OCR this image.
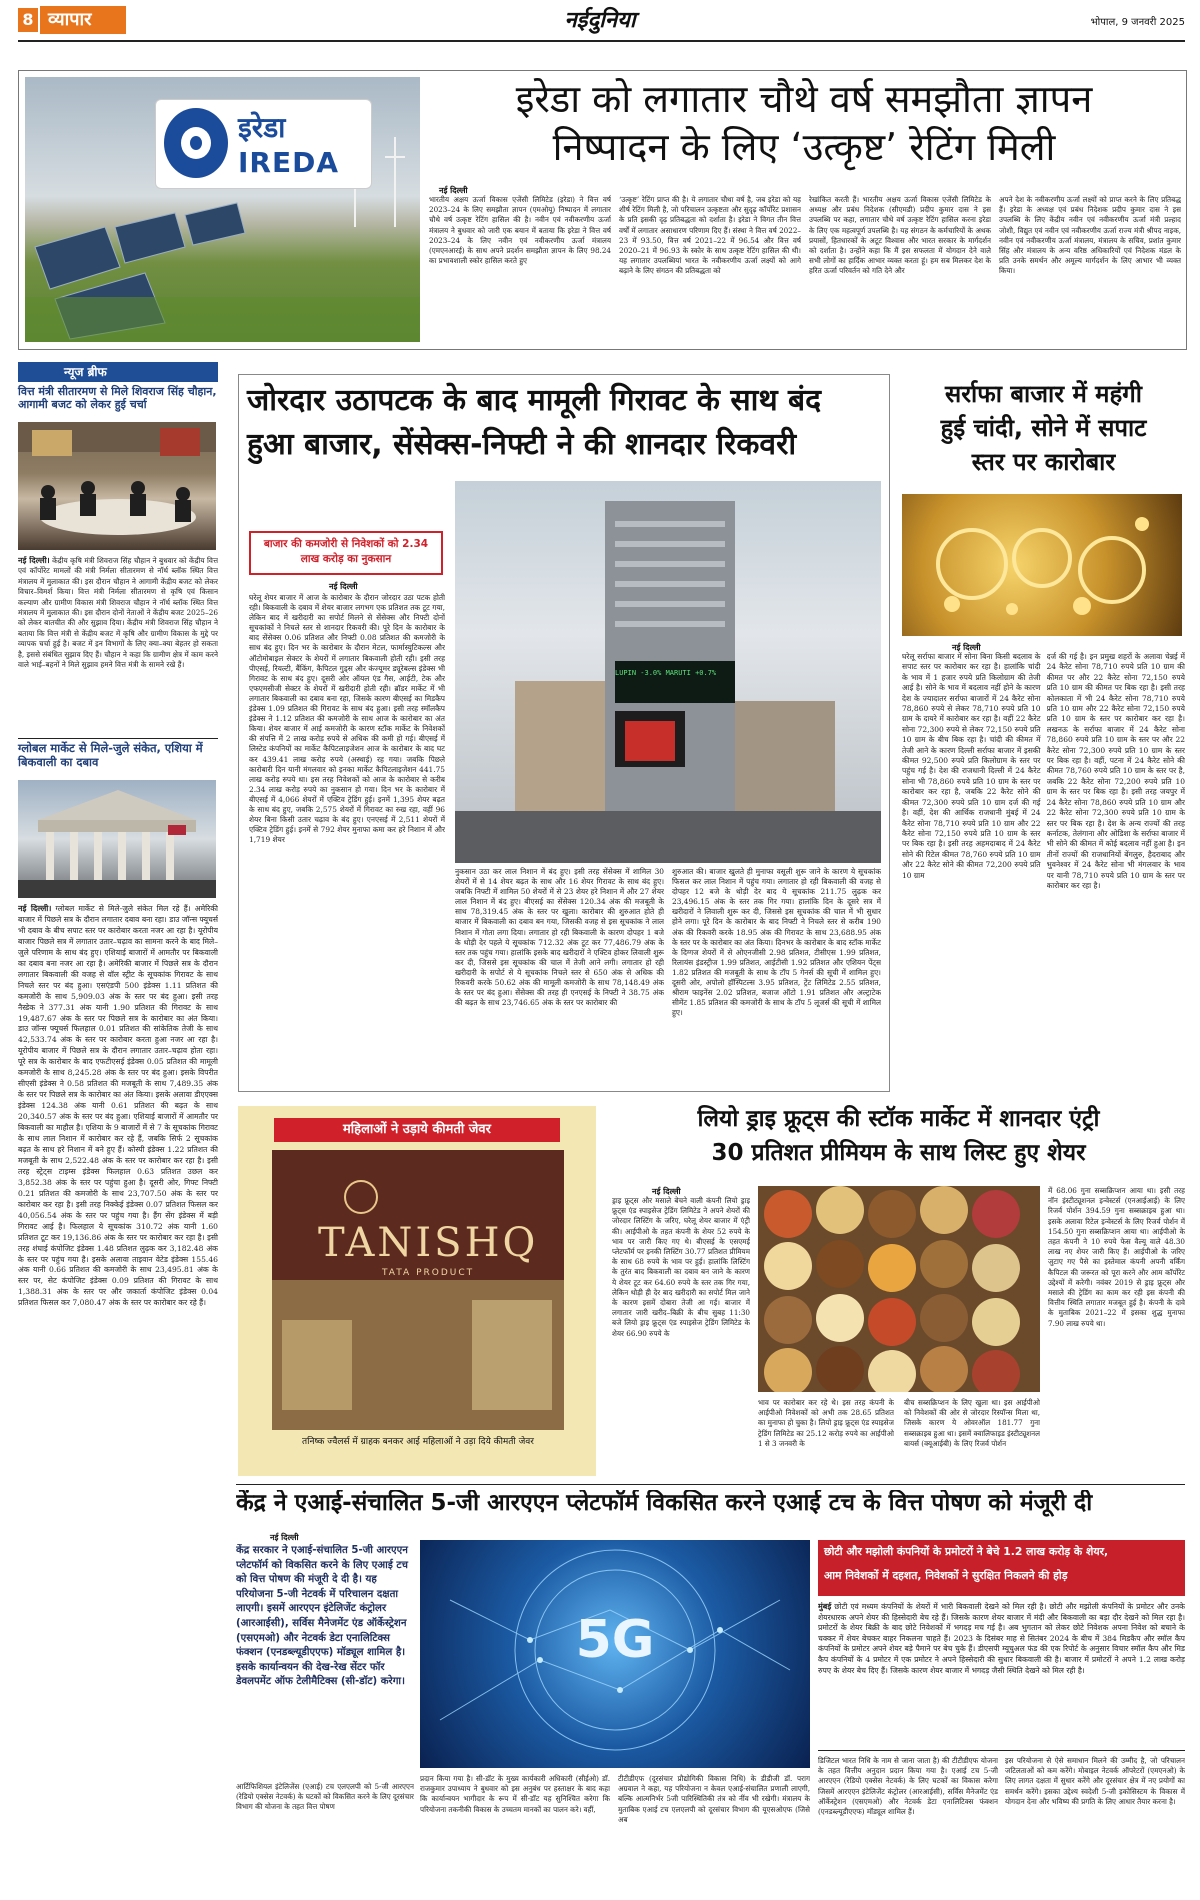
8 व्यापार	नईदुनिया	भोपाल, 9 जनवरी 2025
इरेडा
IREDA
इरेडा को लगातार चौथे वर्ष समझौता ज्ञापन
निष्पादन के लिए ‘उत्कृष्ट’ रेटिंग मिली
नई दिल्ली
भारतीय अक्षय ऊर्जा विकास एजेंसी लिमिटेड (इरेडा) ने वित्त वर्ष 2023–24 के लिए समझौता ज्ञापन (एमओयू) निष्पादन में लगातार चौथे वर्ष उत्कृष्ट रेटिंग हासिल की है। नवीन एवं नवीकरणीय ऊर्जा मंत्रालय ने बुधवार को जारी एक बयान में बताया कि इरेडा ने वित्त वर्ष 2023–24 के लिए नवीन एवं नवीकरणीय ऊर्जा मंत्रालय (एमएनआरई) के साथ अपने प्रदर्शन समझौता ज्ञापन के लिए 98.24 का प्रभावशाली स्कोर हासिल करते हुए
‘उत्कृष्ट’ रेटिंग प्राप्त की है। ये लगातार चौथा वर्ष है, जब इरेडा को यह शीर्ष रेटिंग मिली है, जो परिचालन उत्कृष्टता और सुदृढ़ कॉर्पोरेट प्रशासन के प्रति इसकी दृढ़ प्रतिबद्धता को दर्शाता है। इरेडा ने विगत तीन वित्त वर्षों में लगातार असाधारण परिणाम दिए हैं। संस्था ने वित्त वर्ष 2022–23 में 93.50, वित्त वर्ष 2021–22 में 96.54 और वित्त वर्ष 2020–21 में 96.93 के स्कोर के साथ उत्कृष्ट रेटिंग हासिल की थी। यह लगातार उपलब्धियां भारत के नवीकरणीय ऊर्जा लक्ष्यों को आगे बढ़ाने के लिए संगठन की प्रतिबद्धता को
रेखांकित करती हैं। भारतीय अक्षय ऊर्जा विकास एजेंसी लिमिटेड के अध्यक्ष और प्रबंध निदेशक (सीएमडी) प्रदीप कुमार दास ने इस उपलब्धि पर कहा, लगातार चौथे वर्ष उत्कृष्ट रेटिंग हासिल करना इरेडा के लिए एक महत्वपूर्ण उपलब्धि है। यह संगठन के कर्मचारियों के अथक प्रयासों, हितधारकों के अटूट विश्वास और भारत सरकार के मार्गदर्शन को दर्शाता है। उन्होंने कहा कि मैं इस सफलता में योगदान देने वाले सभी लोगों का हार्दिक आभार व्यक्त करता हूं। हम सब मिलकर देश के हरित ऊर्जा परिवर्तन को गति देने और
अपने देश के नवीकरणीय ऊर्जा लक्ष्यों को प्राप्त करने के लिए प्रतिबद्ध हैं। इरेडा के अध्यक्ष एवं प्रबंध निदेशक प्रदीप कुमार दास ने इस उपलब्धि के लिए केंद्रीय नवीन एवं नवीकरणीय ऊर्जा मंत्री प्रल्हाद जोशी, विद्युत एवं नवीन एवं नवीकरणीय ऊर्जा राज्य मंत्री श्रीपद नाइक, नवीन एवं नवीकरणीय ऊर्जा मंत्रालय, मंत्रालय के सचिव, प्रशांत कुमार सिंह और मंत्रालय के अन्य वरिष्ठ अधिकारियों एवं निदेशक मंडल के प्रति उनके समर्थन और अमूल्य मार्गदर्शन के लिए आभार भी व्यक्त किया।
न्यूज ब्रीफ
वित्त मंत्री सीतारमण से मिले शिवराज सिंह चौहान, आगामी बजट को लेकर हुई चर्चा
नई दिल्ली। केंद्रीय कृषि मंत्री शिवराज सिंह चौहान ने बुधवार को केंद्रीय वित्त एवं कॉर्पोरेट मामलों की मंत्री निर्मला सीतारमण से नॉर्थ ब्लॉक स्थित वित्त मंत्रालय में मुलाकात की। इस दौरान चौहान ने आगामी केंद्रीय बजट को लेकर विचार–विमर्श किया। वित्त मंत्री निर्मला सीतारमण से कृषि एवं किसान कल्याण और ग्रामीण विकास मंत्री शिवराज चौहान ने नॉर्थ ब्लॉक स्थित वित्त मंत्रालय में मुलाकात की। इस दौरान दोनों नेताओं ने केंद्रीय बजट 2025–26 को लेकर बातचीत की और सुझाव दिया। केंद्रीय मंत्री शिवराज सिंह चौहान ने बताया कि वित्त मंत्री से केंद्रीय बजट में कृषि और ग्रामीण विकास के मुद्दे पर व्यापक चर्चा हुई है। बजट में इन विभागों के लिए क्या–क्या बेहतर हो सकता है, इससे संबंधित सुझाव दिए हैं। चौहान ने कहा कि ग्रामीण क्षेत्र में काम करने वाले भाई–बहनों ने मिले सुझाव हमने वित्त मंत्री के सामने रखे हैं।
ग्लोबल मार्केट से मिले-जुले संकेत, एशिया में बिकवाली का दबाव
नई दिल्ली। ग्लोबल मार्केट से मिले-जुले संकेत मिल रहे हैं। अमेरिकी बाजार में पिछले सत्र के दौरान लगातार दबाव बना रहा। डाउ जॉन्स फ्यूचर्स भी दबाव के बीच सपाट स्तर पर कारोबार करता नजर आ रहा है। यूरोपीय बाजार पिछले सत्र में लगातार उतार–चढ़ाव का सामना करने के बाद मिले–जुले परिणाम के साथ बंद हुए। एशियाई बाजारों में आमतौर पर बिकवाली का दबाव बना नजर आ रहा है। अमेरिकी बाजार में पिछले सत्र के दौरान लगातार बिकवाली की वजह से वॉल स्ट्रीट के सूचकांक गिरावट के साथ निचले स्तर पर बंद हुआ। एसएंडपी 500 इंडेक्स 1.11 प्रतिशत की कमजोरी के साथ 5,909.03 अंक के स्तर पर बंद हुआ। इसी तरह नैस्डेक ने 377.31 अंक यानी 1.90 प्रतिशत की गिरावट के साथ 19,487.67 अंक के स्तर पर पिछले सत्र के कारोबार का अंत किया। डाउ जॉन्स फ्यूचर्स फिलहाल 0.01 प्रतिशत की सांकेतिक तेजी के साथ 42,533.74 अंक के स्तर पर कारोबार करता हुआ नजर आ रहा है। यूरोपीय बाजार में पिछले सत्र के दौरान लगातार उतार–चढ़ाव होता रहा। पूरे सत्र के कारोबार के बाद एफटीएसई इंडेक्स 0.05 प्रतिशत की मामूली कमजोरी के साथ 8,245.28 अंक के स्तर पर बंद हुआ। इसके विपरीत सीएसी इंडेक्स ने 0.58 प्रतिशत की मजबूती के साथ 7,489.35 अंक के स्तर पर पिछले सत्र के कारोबार का अंत किया। इसके अलावा डीएएक्स इंडेक्स 124.38 अंक यानी 0.61 प्रतिशत की बढ़त के साथ 20,340.57 अंक के स्तर पर बंद हुआ। एशियाई बाजारों में आमतौर पर बिकवाली का माहौल है। एशिया के 9 बाजारों में से 7 के सूचकांक गिरावट के साथ लाल निशान में कारोबार कर रहे हैं, जबकि सिर्फ 2 सूचकांक बढ़त के साथ हरे निशान में बने हुए हैं। कोस्पी इंडेक्स 1.22 प्रतिशत की मजबूती के साथ 2,522.48 अंक के स्तर पर कारोबार कर रहा है। इसी तरह स्ट्रेट्स टाइम्स इंडेक्स फिलहाल 0.63 प्रतिशत उछल कर 3,852.38 अंक के स्तर पर पहुंचा हुआ है। दूसरी ओर, गिफ्ट निफ्टी 0.21 प्रतिशत की कमजोरी के साथ 23,707.50 अंक के स्तर पर कारोबार कर रहा है। इसी तरह निक्केई इंडेक्स 0.07 प्रतिशत फिसल कर 40,056.54 अंक के स्तर पर पहुंच गया है। हैंग सेंग इंडेक्स में बड़ी गिरावट आई है। फिलहाल ये सूचकांक 310.72 अंक यानी 1.60 प्रतिशत टूट कर 19,136.86 अंक के स्तर पर कारोबार कर रहा है। इसी तरह शंघाई कंपोजिट इंडेक्स 1.48 प्रतिशत लुढ़क कर 3,182.48 अंक के स्तर पर पहुंच गया है। इसके अलावा ताइवान वेटेड इंडेक्स 155.46 अंक यानी 0.66 प्रतिशत की कमजोरी के साथ 23,495.81 अंक के स्तर पर, सेट कंपोजिट इंडेक्स 0.09 प्रतिशत की गिरावट के साथ 1,388.31 अंक के स्तर पर और जकार्ता कंपोजिट इंडेक्स 0.04 प्रतिशत फिसल कर 7,080.47 अंक के स्तर पर कारोबार कर रहे हैं।
जोरदार उठापटक के बाद मामूली गिरावट के साथ बंद
हुआ बाजार, सेंसेक्स-निफ्टी ने की शानदार रिकवरी
बाजार की कमजोरी से निवेशकों को 2.34 लाख करोड़ का नुकसान
नई दिल्ली
घरेलू शेयर बाजार में आज के कारोबार के दौरान जोरदार उठा पटक होती रही। बिकवाली के दबाव में शेयर बाजार लगभग एक प्रतिशत तक टूट गया, लेकिन बाद में खरीदारी का सपोर्ट मिलने से सेंसेक्स और निफ्टी दोनों सूचकांकों ने निचले स्तर से शानदार रिकवरी की। पूरे दिन के कारोबार के बाद सेंसेक्स 0.06 प्रतिशत और निफ्टी 0.08 प्रतिशत की कमजोरी के साथ बंद हुए। दिन भर के कारोबार के दौरान मेटल, फार्मास्युटिकल्स और ऑटोमोबाइल सेक्टर के शेयरों में लगातार बिकवाली होती रही। इसी तरह पीएसई, रियल्टी, बैंकिंग, कैपिटल गुड्स और कंज्यूमर ड्यूरेबल्स इंडेक्स भी गिरावट के साथ बंद हुए। दूसरी ओर ऑयल एंड गैस, आईटी, टेक और एफएमसीजी सेक्टर के शेयरों में खरीदारी होती रही। ब्रॉडर मार्केट में भी लगातार बिकवाली का दबाव बना रहा, जिसके कारण बीएसई का मिडकैप इंडेक्स 1.09 प्रतिशत की गिरावट के साथ बंद हुआ। इसी तरह स्मॉलकैप इंडेक्स ने 1.12 प्रतिशत की कमजोरी के साथ आज के कारोबार का अंत किया। शेयर बाजार में आई कमजोरी के कारण स्टॉक मार्केट के निवेशकों की संपत्ति में 2 लाख करोड़ रुपये से अधिक की कमी हो गई। बीएसई में लिस्टेड कंपनियों का मार्केट कैपिटलाइजेशन आज के कारोबार के बाद घट कर 439.41 लाख करोड़ रुपये (अस्थाई) रह गया। जबकि पिछले कारोबारी दिन यानी मंगलवार को इनका मार्केट कैपिटलाइजेशन 441.75 लाख करोड़ रुपये था। इस तरह निवेशकों को आज के कारोबार से करीब 2.34 लाख करोड़ रुपये का नुकसान हो गया। दिन भर के कारोबार में बीएसई में 4,066 शेयरों में एक्टिव ट्रेडिंग हुई। इनमें 1,395 शेयर बढ़त के साथ बंद हुए, जबकि 2,575 शेयरों में गिरावट का रुख रहा, वहीं 96 शेयर बिना किसी उतार चढ़ाव के बंद हुए। एनएसई में 2,511 शेयरों में एक्टिव ट्रेडिंग हुई। इनमें से 792 शेयर मुनाफा कमा कर हरे निशान में और 1,719 शेयर
LUPIN -3.0% MARUTI +0.7%
नुकसान उठा कर लाल निशान में बंद हुए। इसी तरह सेंसेक्स में शामिल 30 शेयरों में से 14 शेयर बढ़त के साथ और 16 शेयर गिरावट के साथ बंद हुए। जबकि निफ्टी में शामिल 50 शेयरों में से 23 शेयर हरे निशान में और 27 शेयर लाल निशान में बंद हुए। बीएसई का सेंसेक्स 120.34 अंक की मजबूती के साथ 78,319.45 अंक के स्तर पर खुला। कारोबार की शुरुआत होते ही बाजार में बिकवाली का दबाव बन गया, जिसकी वजह से इस सूचकांक ने लाल निशान में गोता लगा दिया। लगातार हो रही बिकवाली के कारण दोपहर 1 बजे के थोड़ी देर पहले ये सूचकांक 712.32 अंक टूट कर 77,486.79 अंक के स्तर तक पहुंच गया। हालांकि इसके बाद खरीदारों ने एक्टिव होकर लिवाली शुरू कर दी, जिससे इस सूचकांक की चाल में तेजी आने लगी। लगातार हो रही खरीदारी के सपोर्ट से ये सूचकांक निचले स्तर से 650 अंक से अधिक की रिकवरी करके 50.62 अंक की मामूली कमजोरी के साथ 78,148.49 अंक के स्तर पर बंद हुआ। सेंसेक्स की तरह ही एनएसई के निफ्टी ने 38.75 अंक की बढ़त के साथ 23,746.65 अंक के स्तर पर कारोबार की
शुरुआत की। बाजार खुलते ही मुनाफा वसूली शुरू जाने के कारण ये सूचकांक फिसल कर लाल निशान में पहुंच गया। लगातार हो रही बिकवाली की वजह से दोपहर 12 बजे के थोड़ी देर बाद ये सूचकांक 211.75 लुढ़क कर 23,496.15 अंक के स्तर तक गिर गया। हालांकि दिन के दूसरे सत्र में खरीदारों ने लिवाली शुरू कर दी, जिससे इस सूचकांक की चाल में भी सुधार होने लगा। पूरे दिन के कारोबार के बाद निफ्टी ने निचले स्तर से करीब 190 अंक की रिकवरी करके 18.95 अंक की गिरावट के साथ 23,688.95 अंक के स्तर पर के कारोबार का अंत किया। दिनभर के कारोबार के बाद स्टॉक मार्केट के दिग्गज शेयरों में से ओएनजीसी 2.98 प्रतिशत, टीसीएस 1.99 प्रतिशत, रिलायंस इंडस्ट्रीज 1.99 प्रतिशत, आईटीसी 1.92 प्रतिशत और एशियन पेंट्स 1.82 प्रतिशत की मजबूती के साथ के टॉप 5 गेनर्स की सूची में शामिल हुए। दूसरी ओर, अपोलो हॉस्पिटल्स 3.95 प्रतिशत, ट्रेंट लिमिटेड 2.55 प्रतिशत, श्रीराम फाइनेंस 2.02 प्रतिशत, बजाज ऑटो 1.91 प्रतिशत और अल्ट्राटेक सीमेंट 1.85 प्रतिशत की कमजोरी के साथ के टॉप 5 लूजर्स की सूची में शामिल हुए।
सर्राफा बाजार में महंगी
हुई चांदी, सोने में सपाट
स्तर पर कारोबार
नई दिल्ली
घरेलू सर्राफा बाजार में सोना बिना किसी बदलाव के सपाट स्तर पर कारोबार कर रहा है। हालांकि चांदी के भाव में 1 हजार रुपये प्रति किलोग्राम की तेजी आई है। सोने के भाव में बदलाव नहीं होने के कारण देश के ज्यादातर सर्राफा बाजारों में 24 कैरेट सोना 78,860 रुपये से लेकर 78,710 रुपये प्रति 10 ग्राम के दायरे में कारोबार कर रहा है। वहीं 22 कैरेट सोना 72,300 रुपये से लेकर 72,150 रुपये प्रति 10 ग्राम के बीच बिक रहा है। चांदी की कीमत में तेजी आने के कारण दिल्ली सर्राफा बाजार में इसकी कीमत 92,500 रुपये प्रति किलोग्राम के स्तर पर पहुंच गई है। देश की राजधानी दिल्ली में 24 कैरेट सोना भी 78,860 रुपये प्रति 10 ग्राम के स्तर पर कारोबार कर रहा है, जबकि 22 कैरेट सोने की कीमत 72,300 रुपये प्रति 10 ग्राम दर्ज की गई है। वहीं, देश की आर्थिक राजधानी मुंबई में 24 कैरेट सोना 78,710 रुपये प्रति 10 ग्राम और 22 कैरेट सोना 72,150 रुपये प्रति 10 ग्राम के स्तर पर बिक रहा है। इसी तरह अहमदाबाद में 24 कैरेट सोने की रिटेल कीमत 78,760 रुपये प्रति 10 ग्राम और 22 कैरेट सोने की कीमत 72,200 रुपये प्रति 10 ग्राम
दर्ज की गई है। इन प्रमुख शहरों के अलावा चेन्नई में 24 कैरेट सोना 78,710 रुपये प्रति 10 ग्राम की कीमत पर और 22 कैरेट सोना 72,150 रुपये प्रति 10 ग्राम की कीमत पर बिक रहा है। इसी तरह कोलकाता में भी 24 कैरेट सोना 78,710 रुपये प्रति 10 ग्राम और 22 कैरेट सोना 72,150 रुपये प्रति 10 ग्राम के स्तर पर कारोबार कर रहा है। लखनऊ के सर्राफा बाजार में 24 कैरेट सोना 78,860 रुपये प्रति 10 ग्राम के स्तर पर और 22 कैरेट सोना 72,300 रुपये प्रति 10 ग्राम के स्तर पर बिक रहा है। वहीं, पटना में 24 कैरेट सोने की कीमत 78,760 रुपये प्रति 10 ग्राम के स्तर पर है, जबकि 22 कैरेट सोना 72,200 रुपये प्रति 10 ग्राम के स्तर पर बिक रहा है। इसी तरह जयपुर में 24 कैरेट सोना 78,860 रुपये प्रति 10 ग्राम और 22 कैरेट सोना 72,300 रुपये प्रति 10 ग्राम के स्तर पर बिक रहा है। देश के अन्य राज्यों की तरह कर्नाटक, तेलंगाना और ओडिशा के सर्राफा बाजार में भी सोने की कीमत में कोई बदलाव नहीं हुआ है। इन तीनों राज्यों की राजधानियों बेंगलुरु, हैदराबाद और भुवनेश्वर में 24 कैरेट सोना भी मंगलवार के भाव पर यानी 78,710 रुपये प्रति 10 ग्राम के स्तर पर कारोबार कर रहा है।
महिलाओं ने उड़ाये कीमती जेवर
TANISHQ
TATA PRODUCT
तनिष्क ज्वैलर्स में ग्राहक बनकर आई महिलाओं ने उड़ा दिये कीमती जेवर
लियो ड्राइ फ्रूट्स की स्टॉक मार्केट में शानदार एंट्री
30 प्रतिशत प्रीमियम के साथ लिस्ट हुए शेयर
नई दिल्ली
ड्राइ फ्रूट्स और मसाले बेचने वाली कंपनी लियो ड्राइ फ्रूट्स एंड स्पाइसेज ट्रेडिंग लिमिटेड ने अपने शेयरों की जोरदार लिस्टिंग के जरिए, घरेलू शेयर बाजार में एंट्री की। आईपीओ के तहत कंपनी के शेयर 52 रुपये के भाव पर जारी किए गए थे। बीएसई के एसएमई प्लेटफॉर्म पर इनकी लिस्टिंग 30.77 प्रतिशत प्रीमियम के साथ 68 रुपये के भाव पर हुई। हालांकि लिस्टिंग के तुरंत बाद बिकवाली का दबाव बन जाने के कारण ये शेयर टूट कर 64.60 रुपये के स्तर तक गिर गया, लेकिन थोड़ी ही देर बाद खरीदारी का सपोर्ट मिल जाने के कारण इसमें दोबारा तेजी आ गई। बाजार में लगातार जारी खरीद–बिक्री के बीच सुबह 11:30 बजे लियो ड्राइ फ्रूट्स एंड स्पाइसेज ट्रेडिंग लिमिटेड के शेयर 66.90 रुपये के
भाव पर कारोबार कर रहे थे। इस तरह कंपनी के आईपीओ निवेशकों को अभी तक 28.65 प्रतिशत का मुनाफा हो चुका है। लियो ड्राइ फ्रूट्स एंड स्पाइसेज ट्रेडिंग लिमिटेड का 25.12 करोड़ रुपये का आईपीओ 1 से 3 जनवरी के
बीच सब्सक्रिप्शन के लिए खुला था। इस आईपीओ को निवेशकों की ओर से जोरदार रिस्पॉन्स मिला था, जिसके कारण ये ओवरऑल 181.77 गुना सब्सक्राइब हुआ था। इसमें क्वालिफाइड इंस्टीट्यूशनल बायर्स (क्यूआईबी) के लिए रिजर्व पोर्शन
में 68.06 गुना सब्सक्रिप्शन आया था। इसी तरह नॉन इंस्टीट्यूशनल इन्वेस्टर्स (एनआईआई) के लिए रिजर्व पोर्शन 394.59 गुना सब्सक्राइब हुआ था। इसके अलावा रिटेल इन्वेस्टर्स के लिए रिजर्व पोर्शन में 154.50 गुना सब्सक्रिप्शन आया था। आईपीओ के तहत कंपनी ने 10 रुपये फेस वैल्यू वाले 48.30 लाख नए शेयर जारी किए हैं। आईपीओ के जरिए जुटाए गए पैसे का इस्तेमाल कंपनी अपनी वर्किंग कैपिटल की जरूरत को पूरा करने और आम कॉर्पोरेट उद्देश्यों में करेगी। नवंबर 2019 से ड्राइ फ्रूट्स और मसाले की ट्रेडिंग का काम कर रही इस कंपनी की वित्तीय स्थिति लगातार मजबूत हुई है। कंपनी के दावे के मुताबिक 2021–22 में इसका शुद्ध मुनाफा 7.90 लाख रुपये था।
केंद्र ने एआई-संचालित 5-जी आरएएन प्लेटफॉर्म विकसित करने एआई टच के वित्त पोषण को मंजूरी दी
नई दिल्ली
केंद्र सरकार ने एआई-संचालित 5-जी आरएएन प्लेटफॉर्म को विकसित करने के लिए एआई टच को वित्त पोषण की मंजूरी दे दी है। यह परियोजना 5-जी नेटवर्क में परिचालन दक्षता लाएगी। इसमें आरएएन इंटेलिजेंट कंट्रोलर (आरआईसी), सर्विस मैनेजमेंट एंड ऑर्केस्ट्रेशन (एसएमओ) और नेटवर्क डेटा एनालिटिक्स फंक्शन (एनडब्ल्यूडीएएफ) मॉड्यूल शामिल है। इसके कार्यान्वयन की देख-रेख सेंटर फॉर डेवलपमेंट ऑफ टेलीमैटिक्स (सी-डॉट) करेगा।
आर्टिफिशियल इंटेलिजेंस (एआई) टच एलएलपी को 5-जी आरएएन (रेडियो एक्सेस नेटवर्क) के घटकों को विकसित करने के लिए दूरसंचार विभाग की योजना के तहत वित्त पोषण
5G
प्रदान किया गया है। सी-डॉट के मुख्य कार्यकारी अधिकारी (सीईओ) डॉ. राजकुमार उपाध्याय ने बुधवार को इस अनुबंध पर हस्ताक्षर के बाद कहा कि कार्यान्वयन भागीदार के रूप में सी-डॉट यह सुनिश्चित करेगा कि परियोजना तकनीकी विकास के उच्चतम मानकों का पालन करे। वहीं,
टीटीडीएफ (दूरसंचार प्रौद्योगिकी विकास निधि) के डीडीजी डॉ. पराग अग्रवाल ने कहा, यह परियोजना न केवल एआई-संचालित प्रणाली लाएगी, बल्कि आत्मनिर्भर 5जी पारिस्थितिकी तंत्र को नींव भी रखेगी। मंत्रालय के मुताबिक एआई टच एलएलपी को दूरसंचार विभाग की यूएसओएफ (जिसे अब
छोटी और मझोली कंपनियों के प्रमोटरों ने बेचे 1.2 लाख करोड़ के शेयर,
आम निवेशकों में दहशत, निवेशकों ने सुरक्षित निकलने की होड़
मुंबई छोटी एवं मध्यम कंपनियों के शेयरों में भारी बिकवाली देखने को मिल रही है। छोटी और मझोली कंपनियों के प्रमोटर और उनके शेयरधारक अपने शेयर की हिस्सेदारी बेच रहे हैं। जिसके कारण शेयर बाजार में मंदी और बिकवाली का बड़ा दौर देखने को मिल रहा है। प्रमोटरों के शेयर बिक्री के बाद छोटे निवेशकों में भगदड़ मच गई है। अब भुगतान को लेकर छोटे निवेशक अपना निवेश को बचाने के चक्कर में शेयर बेचकर बाहर निकलना चाहते हैं। 2023 के दिसंबर माह से सितंबर 2024 के बीच में 384 मिडकैप और स्मॉल कैप कंपनियों के प्रमोटर अपने शेयर बड़े पैमाने पर बेच चुके हैं। डीएसपी म्यूचुअल फंड की एक रिपोर्ट के अनुसार विचार स्मॉल कैप और मिड कैप कंपनियों के 4 प्रमोटर में एक प्रमोटर ने अपने हिस्सेदारी की सुधार बिकवाली की है। बाजार में प्रमोटरों ने अपने 1.2 लाख करोड़ रुपए के शेयर बेच दिए हैं। जिसके कारण शेयर बाजार में भगदड़ जैसी स्थिति देखने को मिल रही है।
डिजिटल भारत निधि के नाम से जाना जाता है) की टीटीडीएफ योजना के तहत वित्तीय अनुदान प्रदान किया गया है। एआई टच 5-जी आरएएन (रेडियो एक्सेस नेटवर्क) के लिए घटकों का विकास करेगा जिसमें आरएएन इंटेलिजेंट कंट्रोलर (आरआईसी), सर्विस मैनेजमेंट एंड ऑर्केस्ट्रेशन (एसएमओ) और नेटवर्क डेटा एनालिटिक्स फंक्शन (एनडब्ल्यूडीएएफ) मॉड्यूल शामिल हैं।
इस परियोजना से ऐसे समाधान मिलने की उम्मीद है, जो परिचालन जटिलताओं को कम करेंगे। मोबाइल नेटवर्क ऑपरेटरों (एमएनओ) के लिए लागत दक्षता में सुधार करेंगे और दूरसंचार क्षेत्र में नए प्रयोगों का समर्थन करेंगे। इसका उद्देश्य स्वदेशी 5-जी इकोसिस्टम के विकास में योगदान देना और भविष्य की प्रगति के लिए आधार तैयार करना है।
